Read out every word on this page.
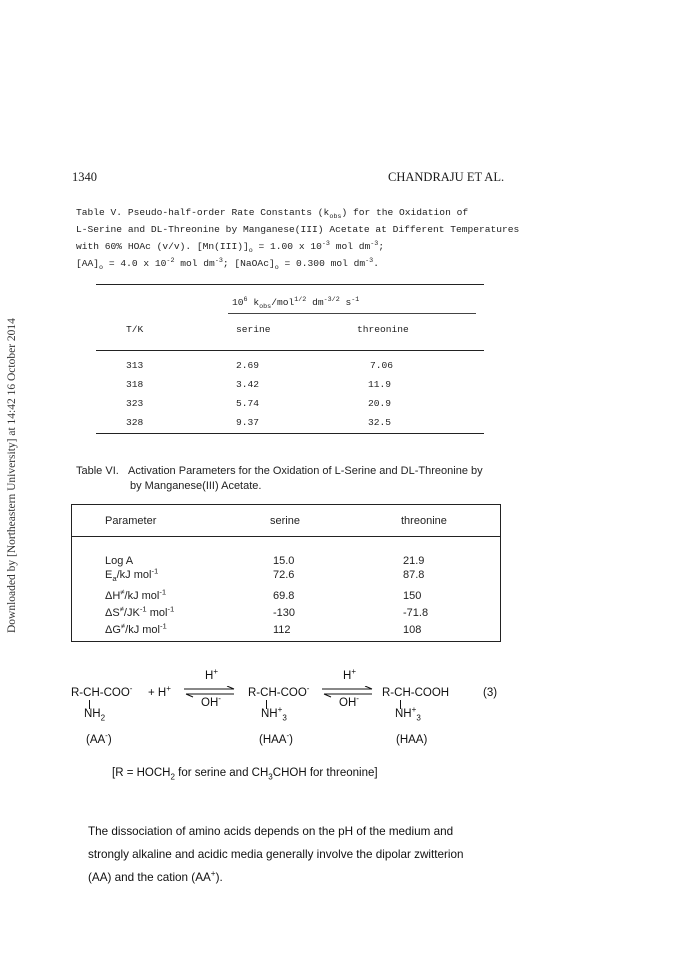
Downloaded by [Northeastern University] at 14:42 16 October 2014
1340	CHANDRAJU ET AL.
Table V. Pseudo-half-order Rate Constants $(k_{obs})$ for the Oxidation of
L-Serine and DL-Threonine by Manganese(III) Acetate at Different Temperatures
with 60% HOAc (v/v). $[Mn(III)]_o = 1.00$ x $10^{-3}$ mol $dm^{-3}$;
$[AA]_o = 4.0$ x $10^{-2}$ mol $dm^{-3}$; $[NaOAc]_o = 0.300$ mol $dm^{-3}$.
$10^6$ $k_{obs}/mol^{1/2}$ $dm^{-3/2}$ $s^{-1}$
T/K	serine	threonine
313	2.69	7.06
318	3.42	11.9
323	5.74	20.9
328	9.37	32.5
Table VI. Activation Parameters for the Oxidation of L-Serine and DL-Threonine by
by Manganese(III) Acetate.
Parameter	serine	threonine
Log A	15.0	21.9
$E_a/kJ$ mol$^{-1}$	72.6	87.8
ΔH≠/kJ mol$^{-1}$	69.8	150
$\Delta S^\ne/JK^{-1}$ mol$^{-1}$	-130	-71.8
ΔG≠/kJ mol$^{-1}$	112	108
R-CH-COO- + H+
H+
OH- R-CH-COO-
H+
OH- R-CH-COOH	(3)
$NH_2$	$NH^+_3$	$NH^+_3$
(AA-)	(HAA-)	(HAA)
[$R = HOCH_2$ for serine and $CH_3CHOH$ for threonine]
The dissociation of amino acids depends on the pH of the medium and
strongly alkaline and acidic media generally involve the dipolar zwitterion
(AA) and the cation (AA+).
